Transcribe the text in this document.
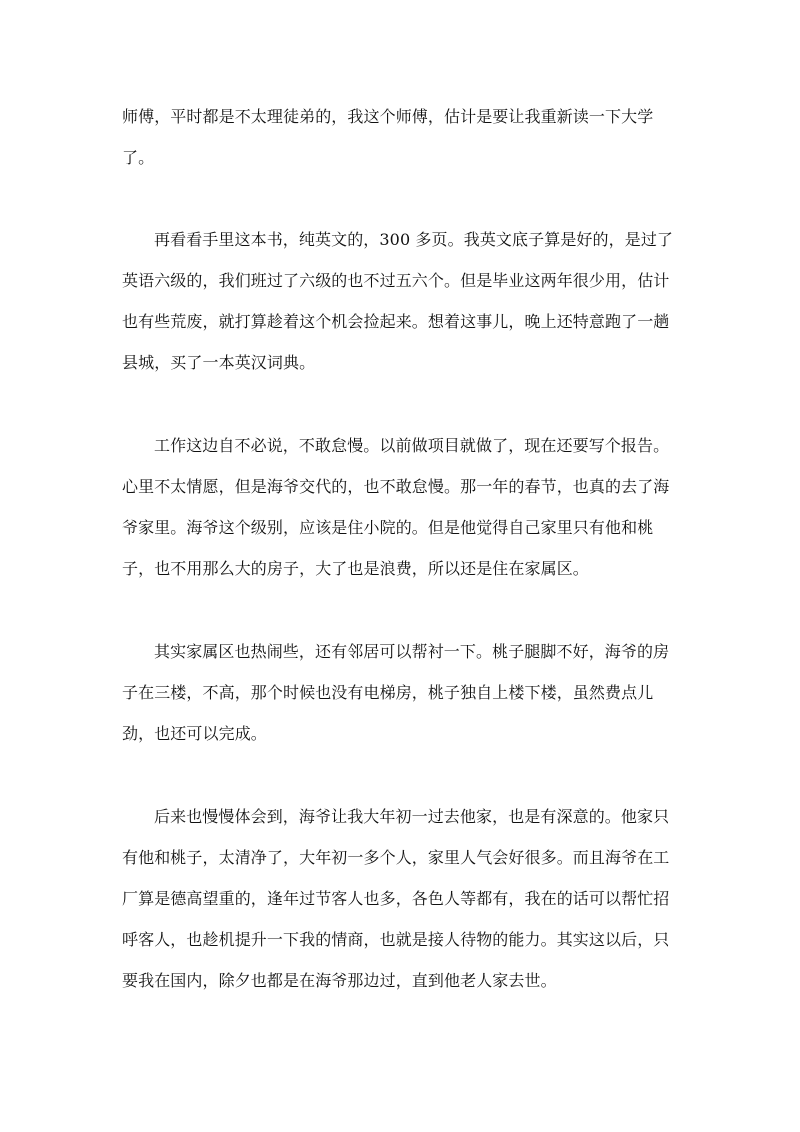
师傅，平时都是不太理徒弟的，我这个师傅，估计是要让我重新读一下大学
了。
再看看手里这本书，纯英文的，300 多页。我英文底子算是好的，是过了
英语六级的，我们班过了六级的也不过五六个。但是毕业这两年很少用，估计
也有些荒废，就打算趁着这个机会捡起来。想着这事儿，晚上还特意跑了一趟
县城，买了一本英汉词典。
工作这边自不必说，不敢怠慢。以前做项目就做了，现在还要写个报告。
心里不太情愿，但是海爷交代的，也不敢怠慢。那一年的春节，也真的去了海
爷家里。海爷这个级别，应该是住小院的。但是他觉得自己家里只有他和桃
子，也不用那么大的房子，大了也是浪费，所以还是住在家属区。
其实家属区也热闹些，还有邻居可以帮衬一下。桃子腿脚不好，海爷的房
子在三楼，不高，那个时候也没有电梯房，桃子独自上楼下楼，虽然费点儿
劲，也还可以完成。
后来也慢慢体会到，海爷让我大年初一过去他家，也是有深意的。他家只
有他和桃子，太清净了，大年初一多个人，家里人气会好很多。而且海爷在工
厂算是德高望重的，逢年过节客人也多，各色人等都有，我在的话可以帮忙招
呼客人，也趁机提升一下我的情商，也就是接人待物的能力。其实这以后，只
要我在国内，除夕也都是在海爷那边过，直到他老人家去世。
